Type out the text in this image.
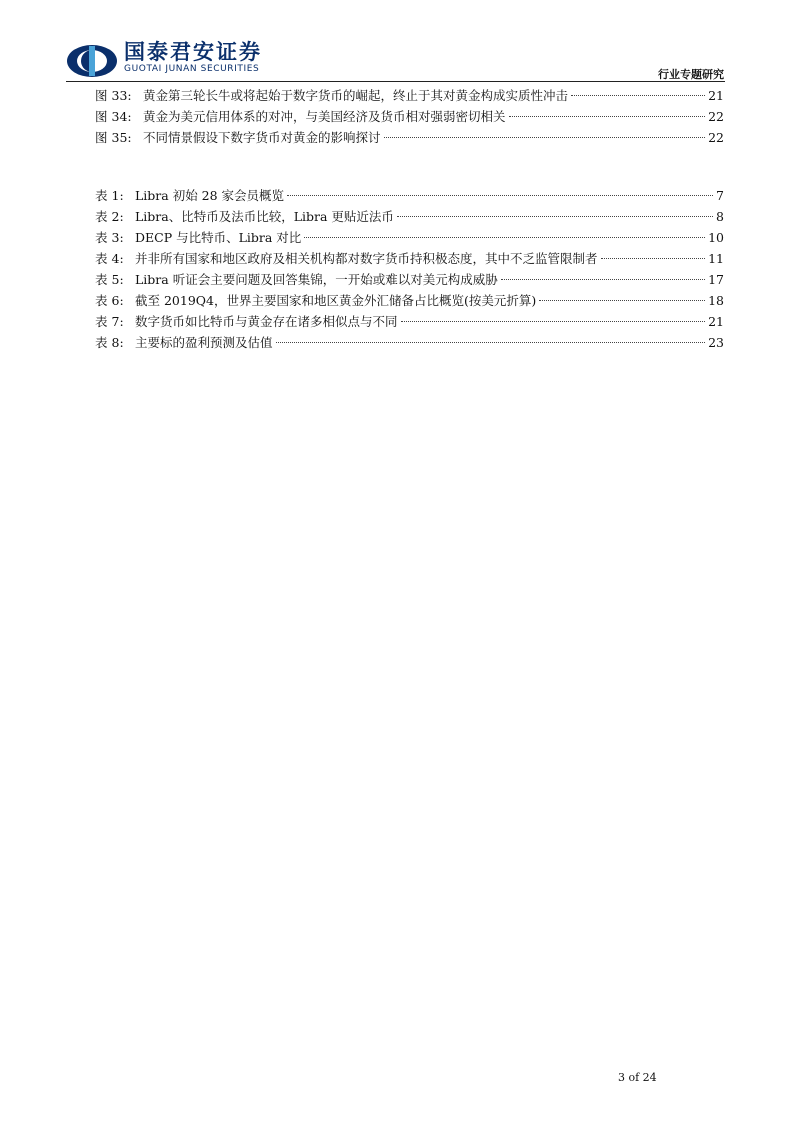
国泰君安证券
GUOTAI JUNAN SECURITIES	行业专题研究
图 33: 黄金第三轮长牛或将起始于数字货币的崛起，终止于其对黄金构成实质性冲击	21
图 34: 黄金为美元信用体系的对冲，与美国经济及货币相对强弱密切相关	22
图 35: 不同情景假设下数字货币对黄金的影响探讨	22
表 1: Libra 初始 28 家会员概览	7
表 2: Libra、比特币及法币比较，Libra 更贴近法币	8
表 3: DECP 与比特币、Libra 对比	10
表 4: 并非所有国家和地区政府及相关机构都对数字货币持积极态度，其中不乏监管限制者	11
表 5: Libra 听证会主要问题及回答集锦，一开始或难以对美元构成威胁	17
表 6: 截至 2019Q4，世界主要国家和地区黄金外汇储备占比概览(按美元折算)	18
表 7: 数字货币如比特币与黄金存在诸多相似点与不同	21
表 8: 主要标的盈利预测及估值	23
3 of 24
